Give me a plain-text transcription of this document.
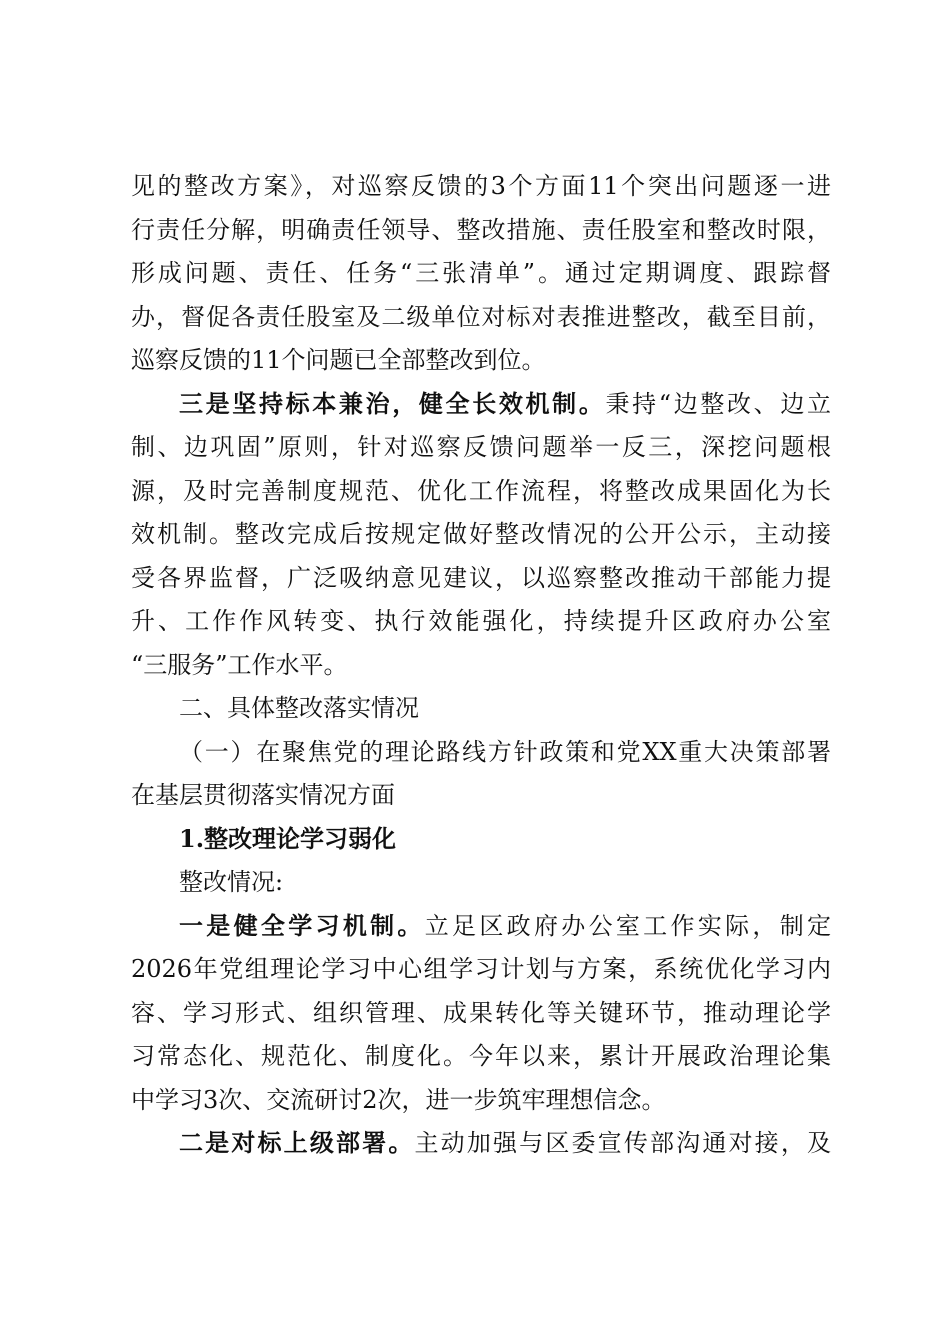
见的整改方案》，对巡察反馈的3个方面11个突出问题逐一进
行责任分解，明确责任领导、整改措施、责任股室和整改时限，
形成问题、责任、任务“三张清单”。通过定期调度、跟踪督
办，督促各责任股室及二级单位对标对表推进整改，截至目前，
巡察反馈的11个问题已全部整改到位。
三是坚持标本兼治，健全长效机制。秉持“边整改、边立
制、边巩固”原则，针对巡察反馈问题举一反三，深挖问题根
源，及时完善制度规范、优化工作流程，将整改成果固化为长
效机制。整改完成后按规定做好整改情况的公开公示，主动接
受各界监督，广泛吸纳意见建议，以巡察整改推动干部能力提
升、工作作风转变、执行效能强化，持续提升区政府办公室
“三服务”工作水平。
二、具体整改落实情况
（一）在聚焦党的理论路线方针政策和党XX重大决策部署
在基层贯彻落实情况方面
1.整改理论学习弱化
整改情况:
一是健全学习机制。立足区政府办公室工作实际，制定
2026年党组理论学习中心组学习计划与方案，系统优化学习内
容、学习形式、组织管理、成果转化等关键环节，推动理论学
习常态化、规范化、制度化。今年以来，累计开展政治理论集
中学习3次、交流研讨2次，进一步筑牢理想信念。
二是对标上级部署。主动加强与区委宣传部沟通对接，及
